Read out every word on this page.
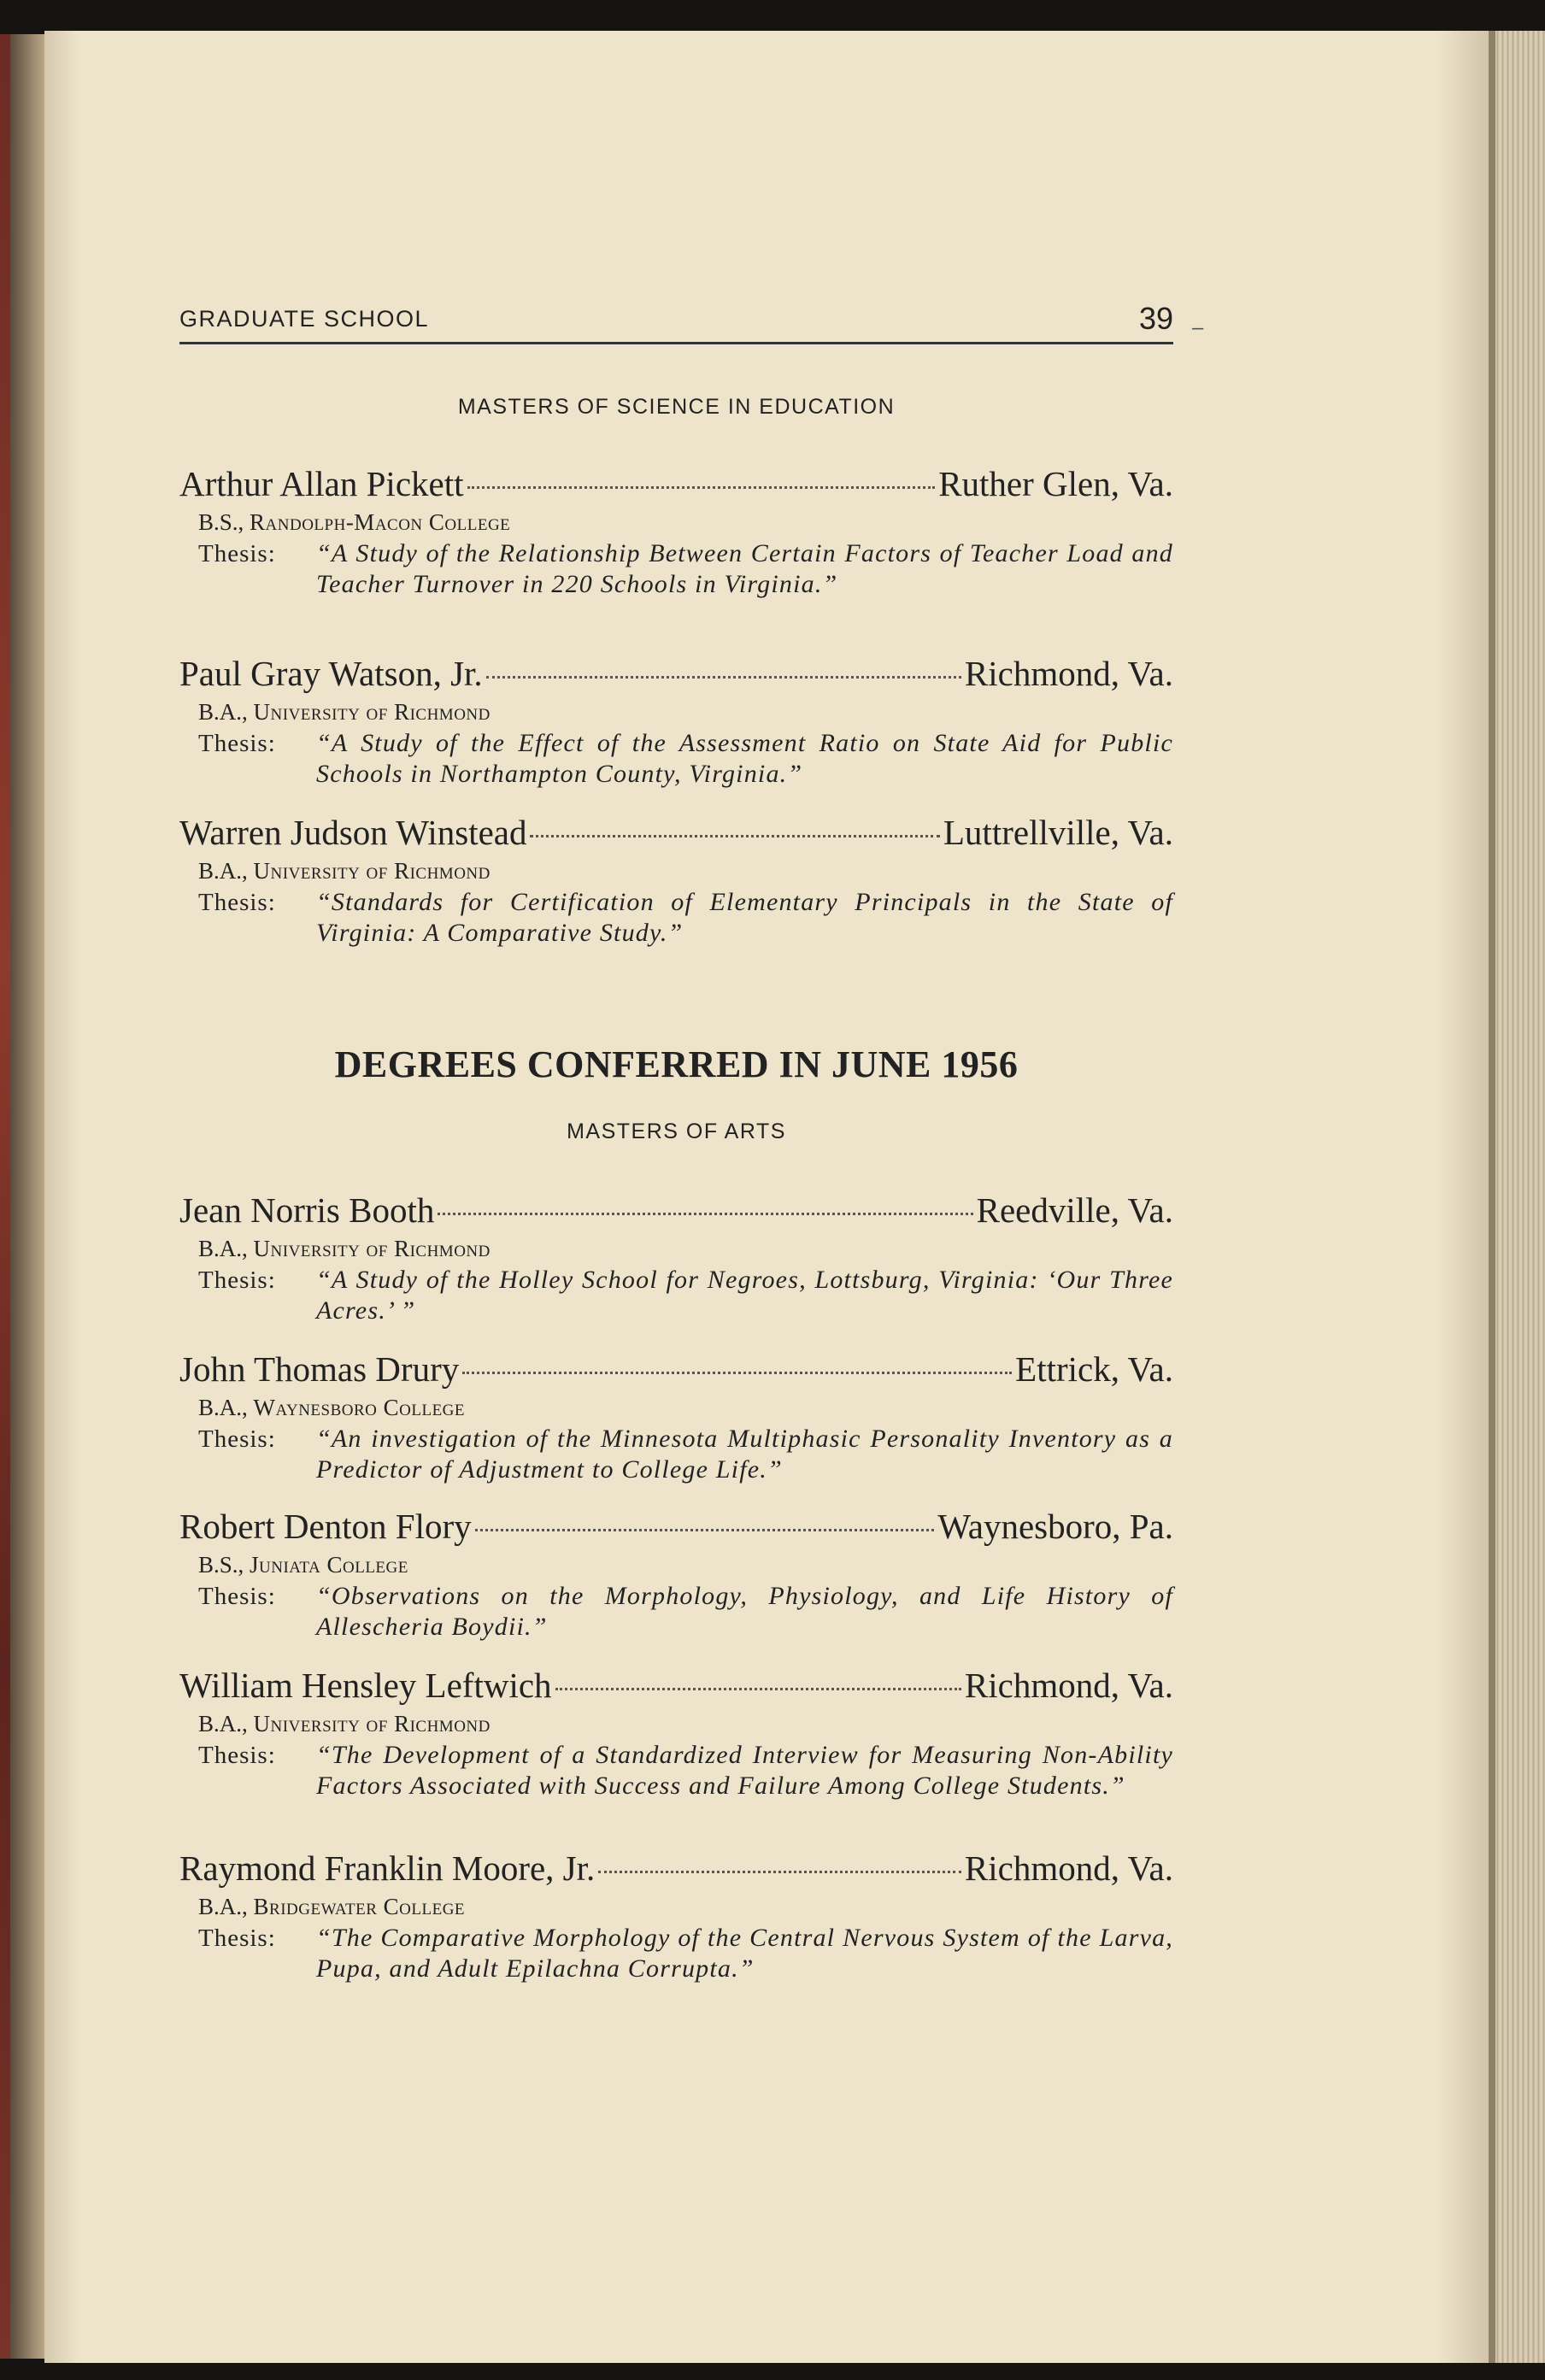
GRADUATE SCHOOL	39 –
MASTERS OF SCIENCE IN EDUCATION
Arthur Allan Pickett	Ruther Glen, Va.
B.S., Randolph-Macon College
Thesis:	“A Study of the Relationship Between Certain Factors of Teacher Load and Teacher Turnover in 220 Schools in Virginia.”
Paul Gray Watson, Jr.	Richmond, Va.
B.A., University of Richmond
Thesis:	“A Study of the Effect of the Assessment Ratio on State Aid for Public Schools in Northampton County, Virginia.”
Warren Judson Winstead	Luttrellville, Va.
B.A., University of Richmond
Thesis:	“Standards for Certification of Elementary Principals in the State of Virginia: A Comparative Study.”
DEGREES CONFERRED IN JUNE 1956
MASTERS OF ARTS
Jean Norris Booth	Reedville, Va.
B.A., University of Richmond
Thesis:	“A Study of the Holley School for Negroes, Lottsburg, Virginia: ‘Our Three Acres.’ ”
John Thomas Drury	Ettrick, Va.
B.A., Waynesboro College
Thesis:	“An investigation of the Minnesota Multiphasic Personality Inventory as a Predictor of Adjustment to College Life.”
Robert Denton Flory	Waynesboro, Pa.
B.S., Juniata College
Thesis:	“Observations on the Morphology, Physiology, and Life History of Allescheria Boydii.”
William Hensley Leftwich	Richmond, Va.
B.A., University of Richmond
Thesis:	“The Development of a Standardized Interview for Measuring Non-Ability Factors Associated with Success and Failure Among College Students.”
Raymond Franklin Moore, Jr.	Richmond, Va.
B.A., Bridgewater College
Thesis:	“The Comparative Morphology of the Central Nervous System of the Larva, Pupa, and Adult Epilachna Corrupta.”
